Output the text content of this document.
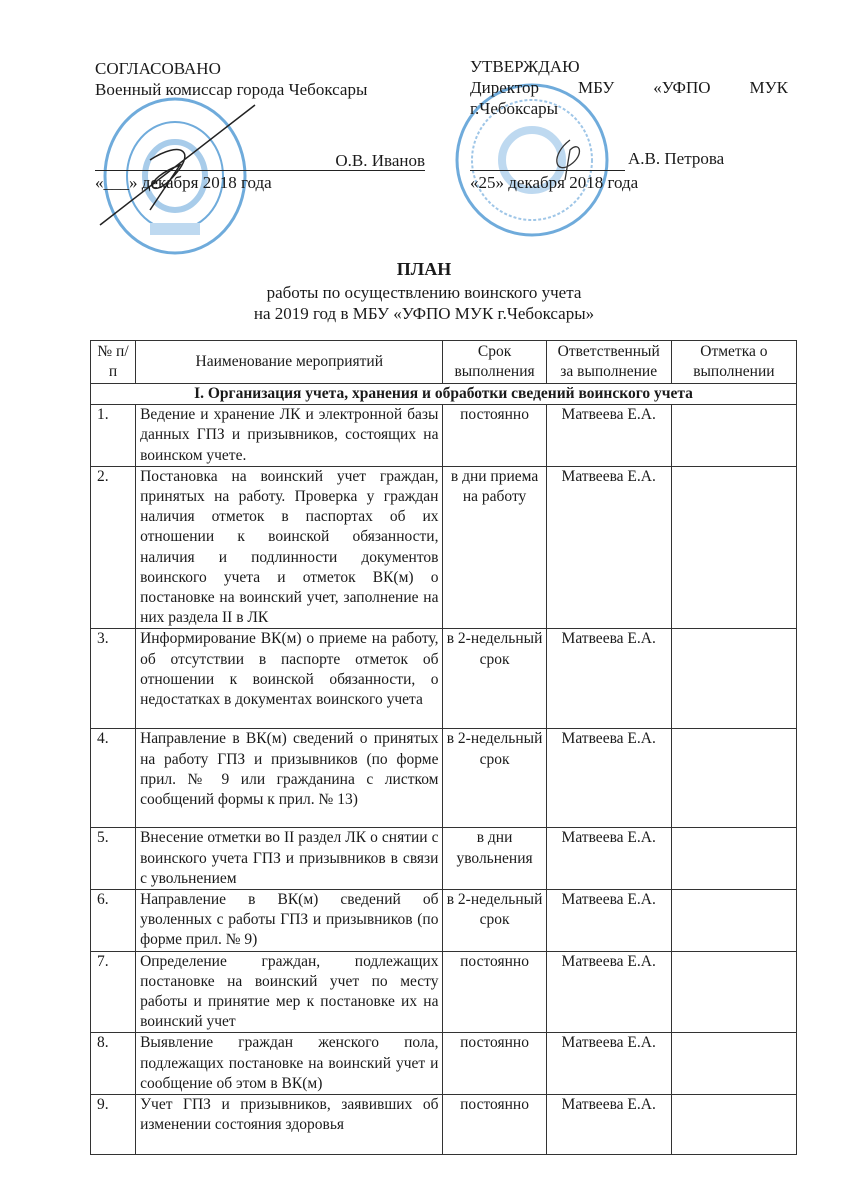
СОГЛАСОВАНО
Военный комиссар города Чебоксары
О.В. Иванов
«___» декабря 2018 года
УТВЕРЖДАЮ
Директор МБУ «УФПО МУК
г.Чебоксары
А.В. Петрова
«25» декабря 2018 года
ПЛАН
работы по осуществлению воинского учета
на 2019 год в МБУ «УФПО МУК г.Чебоксары»
№ п/п	Наименование мероприятий	Срок выполнения	Ответственный за выполнение	Отметка о выполнении
I. Организация учета, хранения и обработки сведений воинского учета				
1.	Ведение и хранение ЛК и электронной базы данных ГПЗ и призывников, состоящих на воинском учете.	постоянно	Матвеева Е.А.	
2.	Постановка на воинский учет граждан, принятых на работу. Проверка у граждан наличия отметок в паспортах об их отношении к воинской обязанности, наличия и подлинности документов воинского учета и отметок ВК(м) о постановке на воинский учет, заполнение на них раздела II в ЛК	в дни приема на работу	Матвеева Е.А.	
3.	Информирование ВК(м) о приеме на работу, об отсутствии в паспорте отметок об отношении к воинской обязанности, о недостатках в документах воинского учета	в 2-недельный срок	Матвеева Е.А.	
4.	Направление в ВК(м) сведений о принятых на работу ГПЗ и призывников (по форме прил. № 9 или гражданина с листком сообщений формы к прил. № 13)	в 2-недельный срок	Матвеева Е.А.	
5.	Внесение отметки во II раздел ЛК о снятии с воинского учета ГПЗ и призывников в связи с увольнением	в дни увольнения	Матвеева Е.А.	
6.	Направление в ВК(м) сведений об уволенных с работы ГПЗ и призывников (по форме прил. № 9)	в 2-недельный срок	Матвеева Е.А.	
7.	Определение граждан, подлежащих постановке на воинский учет по месту работы и принятие мер к постановке их на воинский учет	постоянно	Матвеева Е.А.	
8.	Выявление граждан женского пола, подлежащих постановке на воинский учет и сообщение об этом в ВК(м)	постоянно	Матвеева Е.А.	
9.	Учет ГПЗ и призывников, заявивших об изменении состояния здоровья	постоянно	Матвеева Е.А.	
